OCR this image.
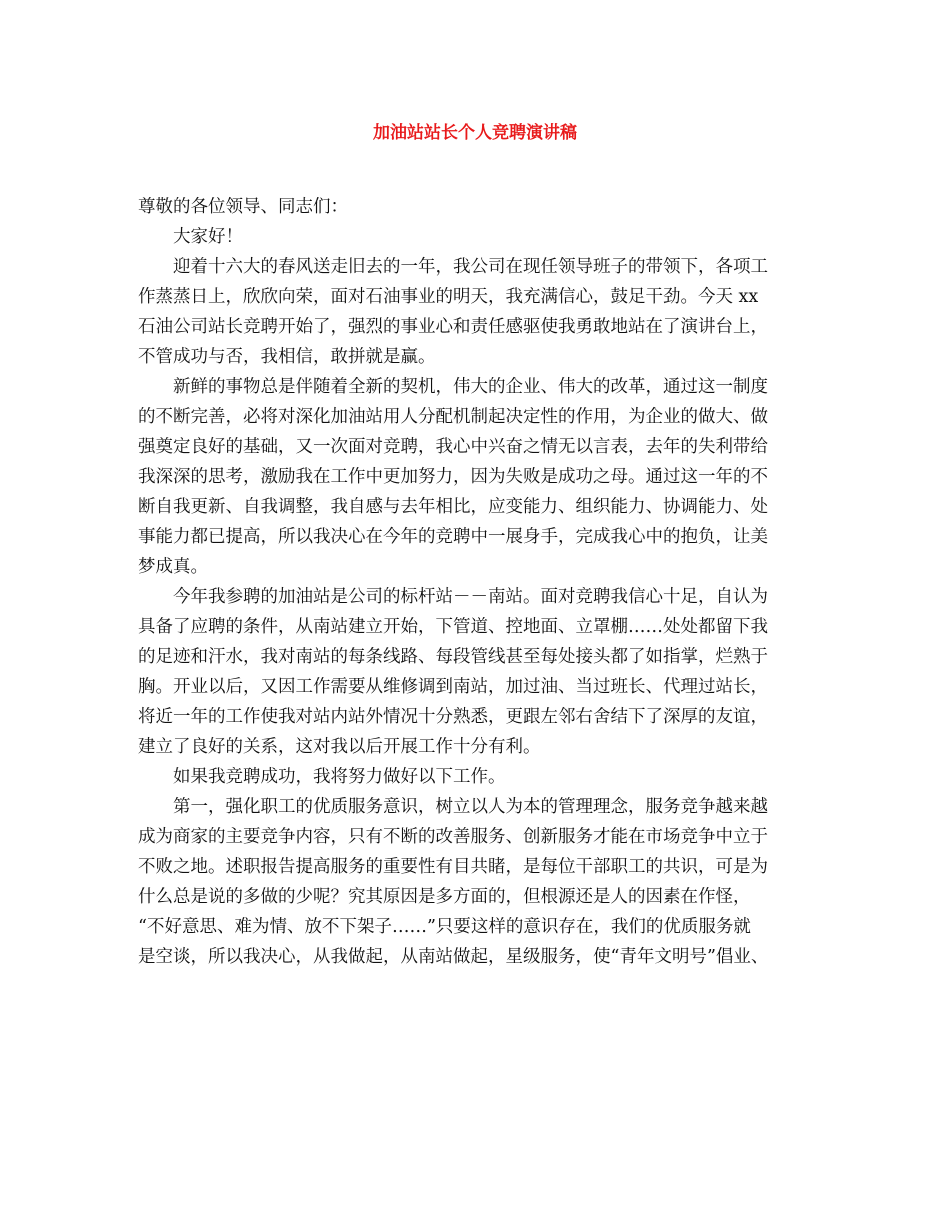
加油站站长个人竞聘演讲稿
尊敬的各位领导、同志们：
大家好！
迎着十六大的春风送走旧去的一年，我公司在现任领导班子的带领下，各项工
作蒸蒸日上，欣欣向荣，面对石油事业的明天，我充满信心，鼓足干劲。今天 xx
石油公司站长竞聘开始了，强烈的事业心和责任感驱使我勇敢地站在了演讲台上，
不管成功与否，我相信，敢拼就是赢。
新鲜的事物总是伴随着全新的契机，伟大的企业、伟大的改革，通过这一制度
的不断完善，必将对深化加油站用人分配机制起决定性的作用，为企业的做大、做
强奠定良好的基础，又一次面对竞聘，我心中兴奋之情无以言表，去年的失利带给
我深深的思考，激励我在工作中更加努力，因为失败是成功之母。通过这一年的不
断自我更新、自我调整，我自感与去年相比，应变能力、组织能力、协调能力、处
事能力都已提高，所以我决心在今年的竞聘中一展身手，完成我心中的抱负，让美
梦成真。
今年我参聘的加油站是公司的标杆站－－南站。面对竞聘我信心十足，自认为
具备了应聘的条件，从南站建立开始，下管道、控地面、立罩棚……处处都留下我
的足迹和汗水，我对南站的每条线路、每段管线甚至每处接头都了如指掌，烂熟于
胸。开业以后，又因工作需要从维修调到南站，加过油、当过班长、代理过站长，
将近一年的工作使我对站内站外情况十分熟悉，更跟左邻右舍结下了深厚的友谊，
建立了良好的关系，这对我以后开展工作十分有利。
如果我竞聘成功，我将努力做好以下工作。
第一，强化职工的优质服务意识，树立以人为本的管理理念，服务竞争越来越
成为商家的主要竞争内容，只有不断的改善服务、创新服务才能在市场竞争中立于
不败之地。述职报告提高服务的重要性有目共睹，是每位干部职工的共识，可是为
什么总是说的多做的少呢？究其原因是多方面的，但根源还是人的因素在作怪，
“不好意思、难为情、放不下架子……”只要这样的意识存在，我们的优质服务就
是空谈，所以我决心，从我做起，从南站做起，星级服务，使“青年文明号”倡业、
